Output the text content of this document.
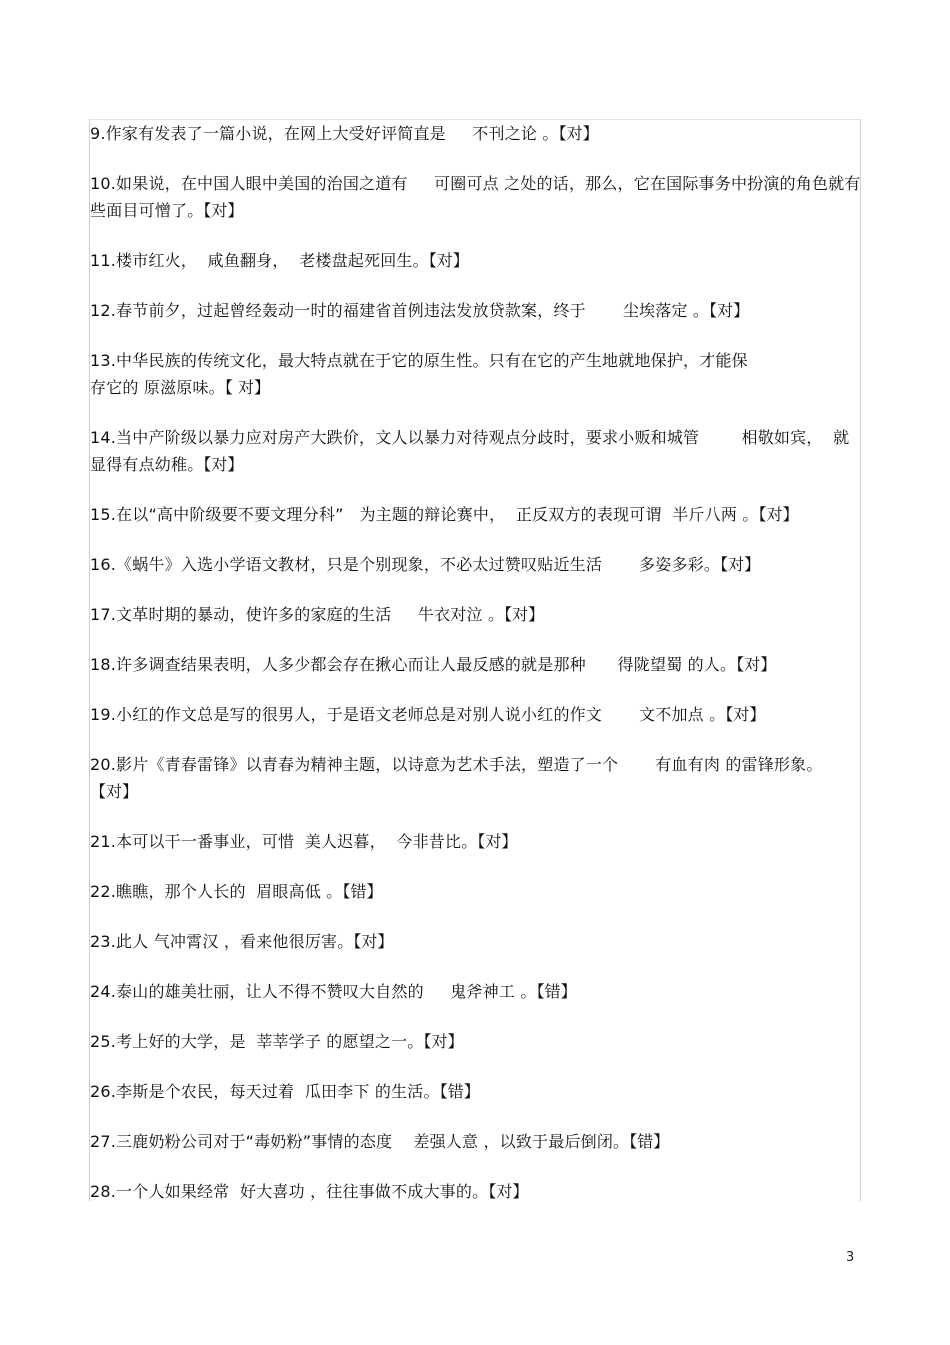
9.作家有发表了一篇小说，在网上大受好评简直是     不刊之论 。【对】
10.如果说，在中国人眼中美国的治国之道有     可圈可点 之处的话，那么，它在国际事务中扮演的角色就有些面目可憎了。【对】
11.楼市红火，  咸鱼翻身，  老楼盘起死回生。【对】
12.春节前夕，过起曾经轰动一时的福建省首例违法发放贷款案，终于       尘埃落定 。【对】
13.中华民族的传统文化，最大特点就在于它的原生性。只有在它的产生地就地保护，才能保
存它的 原滋原味。【 对】
14.当中产阶级以暴力应对房产大跌价，文人以暴力对待观点分歧时，要求小贩和城管        相敬如宾，  就显得有点幼稚。【对】
15.在以“高中阶级要不要文理分科”   为主题的辩论赛中，  正反双方的表现可谓  半斤八两 。【对】
16.《蜗牛》入选小学语文教材，只是个别现象，不必太过赞叹贴近生活       多姿多彩。【对】
17.文革时期的暴动，使许多的家庭的生活     牛衣对泣 。【对】
18.许多调查结果表明，人多少都会存在揪心而让人最反感的就是那种      得陇望蜀 的人。【对】
19.小红的作文总是写的很男人，于是语文老师总是对别人说小红的作文       文不加点 。【对】
20.影片《青春雷锋》以青春为精神主题，以诗意为艺术手法，塑造了一个       有血有肉 的雷锋形象。【对】
21.本可以干一番事业，可惜  美人迟暮，  今非昔比。【对】
22.瞧瞧，那个人长的  眉眼高低 。【错】
23.此人 气冲霄汉 ，看来他很厉害。【对】
24.泰山的雄美壮丽，让人不得不赞叹大自然的     鬼斧神工 。【错】
25.考上好的大学，是  莘莘学子 的愿望之一。【对】
26.李斯是个农民，每天过着  瓜田李下 的生活。【错】
27.三鹿奶粉公司对于“毒奶粉”事情的态度    差强人意 ，以致于最后倒闭。【错】
28.一个人如果经常  好大喜功 ，往往事做不成大事的。【对】
3
